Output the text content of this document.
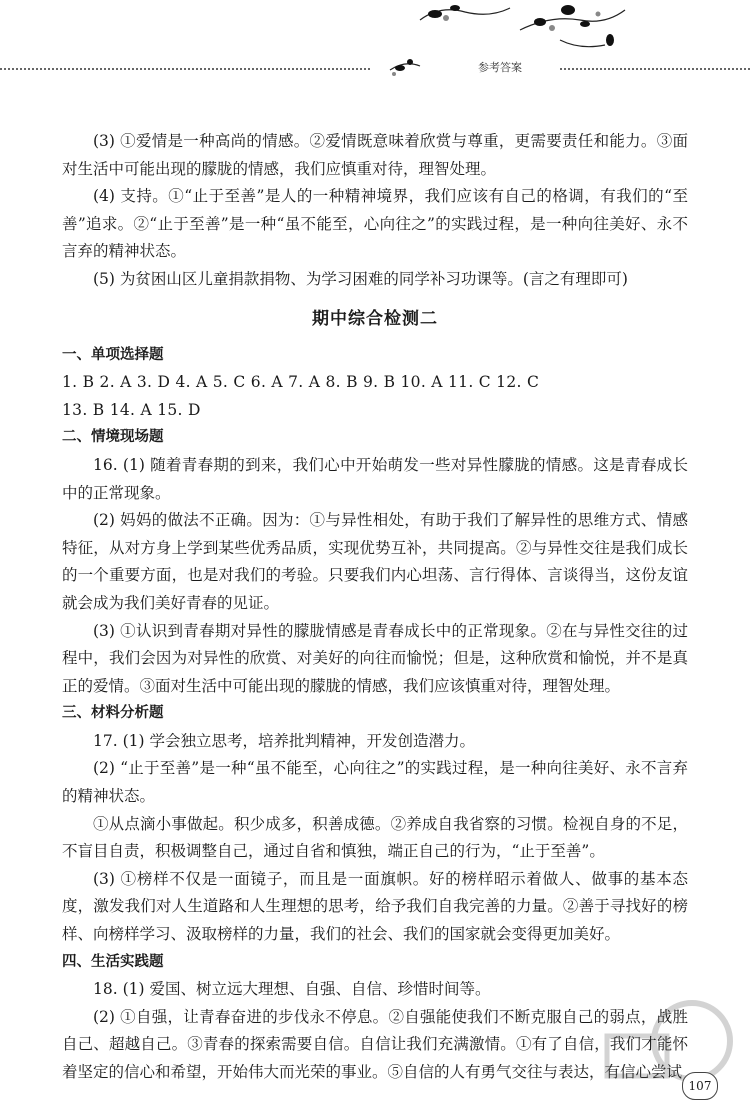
参考答案

(3) ①爱情是一种高尚的情感。②爱情既意味着欣赏与尊重，更需要责任和能力。③面对生活中可能出现的朦胧的情感，我们应慎重对待，理智处理。

(4) 支持。①“止于至善”是人的一种精神境界，我们应该有自己的格调，有我们的“至善”追求。②“止于至善”是一种“虽不能至，心向往之”的实践过程，是一种向往美好、永不言弃的精神状态。

(5) 为贫困山区儿童捐款捐物、为学习困难的同学补习功课等。(言之有理即可)

期中综合检测二

一、单项选择题

1. B 2. A 3. D 4. A 5. C 6. A 7. A 8. B 9. B 10. A 11. C 12. C

13. B 14. A 15. D

二、情境现场题

16. (1) 随着青春期的到来，我们心中开始萌发一些对异性朦胧的情感。这是青春成长中的正常现象。

(2) 妈妈的做法不正确。因为：①与异性相处，有助于我们了解异性的思维方式、情感特征，从对方身上学到某些优秀品质，实现优势互补，共同提高。②与异性交往是我们成长的一个重要方面，也是对我们的考验。只要我们内心坦荡、言行得体、言谈得当，这份友谊就会成为我们美好青春的见证。

(3) ①认识到青春期对异性的朦胧情感是青春成长中的正常现象。②在与异性交往的过程中，我们会因为对异性的欣赏、对美好的向往而愉悦；但是，这种欣赏和愉悦，并不是真正的爱情。③面对生活中可能出现的朦胧的情感，我们应该慎重对待，理智处理。

三、材料分析题

17. (1) 学会独立思考，培养批判精神，开发创造潜力。

(2) “止于至善”是一种“虽不能至，心向往之”的实践过程，是一种向往美好、永不言弃的精神状态。

①从点滴小事做起。积少成多，积善成德。②养成自我省察的习惯。检视自身的不足，不盲目自责，积极调整自己，通过自省和慎独，端正自己的行为，“止于至善”。

(3) ①榜样不仅是一面镜子，而且是一面旗帜。好的榜样昭示着做人、做事的基本态度，激发我们对人生道路和人生理想的思考，给予我们自我完善的力量。②善于寻找好的榜样、向榜样学习、汲取榜样的力量，我们的社会、我们的国家就会变得更加美好。

四、生活实践题

18. (1) 爱国、树立远大理想、自强、自信、珍惜时间等。

(2) ①自强，让青春奋进的步伐永不停息。②自强能使我们不断克服自己的弱点，战胜自己、超越自己。③青春的探索需要自信。自信让我们充满激情。①有了自信，我们才能怀着坚定的信心和希望，开始伟大而光荣的事业。⑤自信的人有勇气交往与表达，有信心尝试

107
